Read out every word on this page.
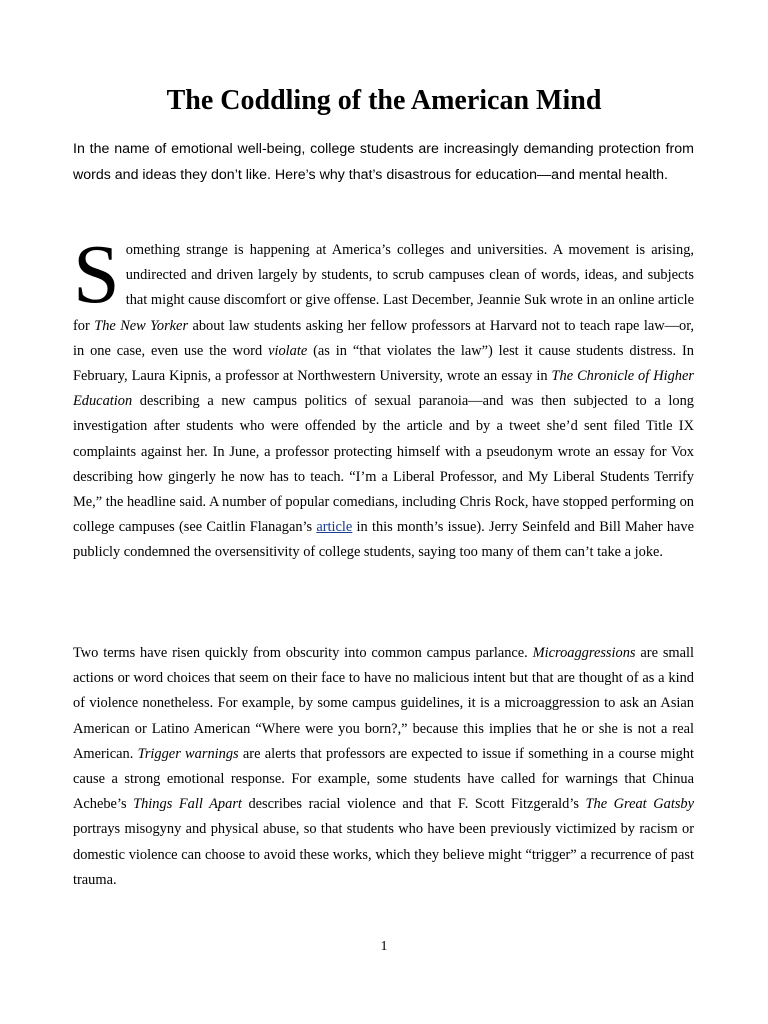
The Coddling of the American Mind

In the name of emotional well-being, college students are increasingly demanding protection from words and ideas they don’t like. Here’s why that’s disastrous for education—and mental health.

Something strange is happening at America’s colleges and universities. A movement is arising, undirected and driven largely by students, to scrub campuses clean of words, ideas, and subjects that might cause discomfort or give offense. Last December, Jeannie Suk wrote in an online article for The New Yorker about law students asking her fellow professors at Harvard not to teach rape law—or, in one case, even use the word violate (as in “that violates the law”) lest it cause students distress. In February, Laura Kipnis, a professor at Northwestern University, wrote an essay in The Chronicle of Higher Education describing a new campus politics of sexual paranoia—and was then subjected to a long investigation after students who were offended by the article and by a tweet she’d sent filed Title IX complaints against her. In June, a professor protecting himself with a pseudonym wrote an essay for Vox describing how gingerly he now has to teach. “I’m a Liberal Professor, and My Liberal Students Terrify Me,” the headline said. A number of popular comedians, including Chris Rock, have stopped performing on college campuses (see Caitlin Flanagan’s article in this month’s issue). Jerry Seinfeld and Bill Maher have publicly condemned the oversensitivity of college students, saying too many of them can’t take a joke.

Two terms have risen quickly from obscurity into common campus parlance. Microaggressions are small actions or word choices that seem on their face to have no malicious intent but that are thought of as a kind of violence nonetheless. For example, by some campus guidelines, it is a microaggression to ask an Asian American or Latino American “Where were you born?,” because this implies that he or she is not a real American. Trigger warnings are alerts that professors are expected to issue if something in a course might cause a strong emotional response. For example, some students have called for warnings that Chinua Achebe’s Things Fall Apart describes racial violence and that F. Scott Fitzgerald’s The Great Gatsby portrays misogyny and physical abuse, so that students who have been previously victimized by racism or domestic violence can choose to avoid these works, which they believe might “trigger” a recurrence of past trauma.

1
